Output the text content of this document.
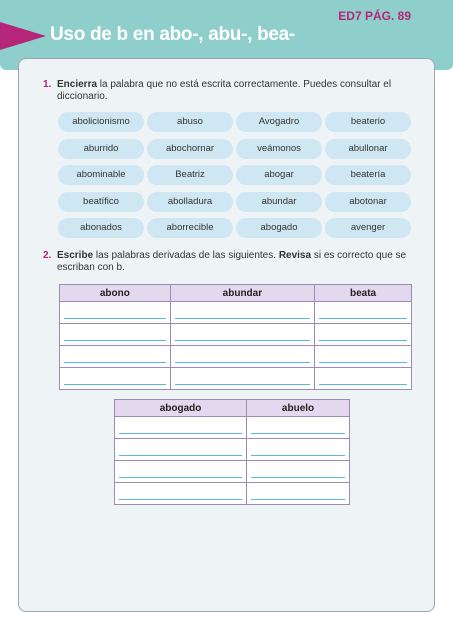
Uso de b en abo-, abu-, bea-
ED7 PÁG. 89
1. Encierra la palabra que no está escrita correctamente. Puedes consultar el diccionario.
abolicionismo	abuso	Avogadro	beaterio
aburrido	abochornar	veámonos	abullonar
abominable	Beatriz	abogar	beatería
beatífico	abolladura	abundar	abotonar
abonados	aborrecible	abogado	avenger
2. Escribe las palabras derivadas de las siguientes. Revisa si es correcto que se escriban con b.
abono	abundar	beata

abogado	abuelo
